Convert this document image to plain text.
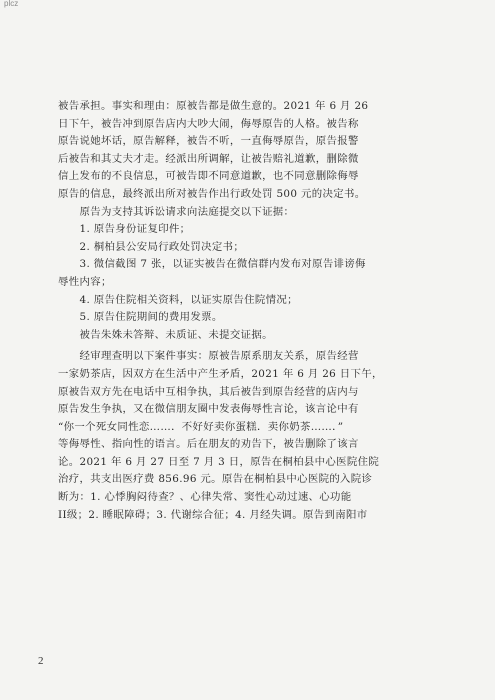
plcz
被告承担。事实和理由：原被告都是做生意的。2021 年 6 月 26
日下午，被告冲到原告店内大吵大闹，侮辱原告的人格。被告称
原告说她坏话，原告解释，被告不听，一直侮辱原告，原告报警
后被告和其丈夫才走。经派出所调解，让被告赔礼道歉，删除微
信上发布的不良信息，可被告即不同意道歉，也不同意删除侮辱
原告的信息，最终派出所对被告作出行政处罚 500 元的决定书。
　　原告为支持其诉讼请求向法庭提交以下证据：
　　1. 原告身份证复印件；
　　2. 桐柏县公安局行政处罚决定书；
　　3. 微信截图 7 张，以证实被告在微信群内发布对原告诽谤侮
辱性内容；
　　4. 原告住院相关资料，以证实原告住院情况；
　　5. 原告住院期间的费用发票。
　　被告朱姝未答辩、未质证、未提交证据。
　　经审理查明以下案件事实：原被告原系朋友关系，原告经营
一家奶茶店，因双方在生活中产生矛盾，2021 年 6 月 26 日下午，
原被告双方先在电话中互相争执，其后被告到原告经营的店内与
原告发生争执，又在微信朋友圈中发表侮辱性言论，该言论中有
“你一个死女同性恋……．不好好卖你蛋糕．卖你奶茶……．”
等侮辱性、指向性的语言。后在朋友的劝告下，被告删除了该言
论。2021 年 6 月 27 日至 7 月 3 日，原告在桐柏县中心医院住院
治疗，共支出医疗费 856.96 元。原告在桐柏县中心医院的入院诊
断为：1. 心悸胸闷待查？、心律失常、窦性心动过速、心功能
II级；2. 睡眠障碍；3. 代谢综合征；4. 月经失调。原告到南阳市
2
